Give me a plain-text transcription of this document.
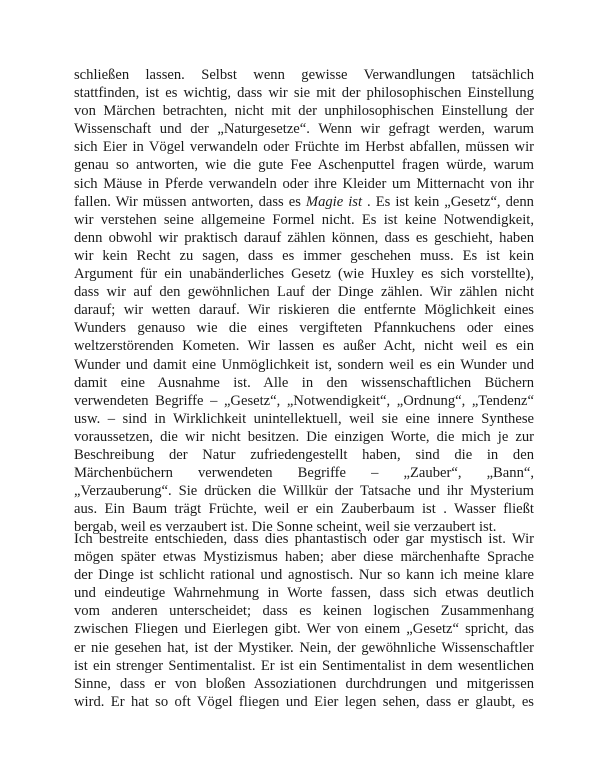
schließen lassen. Selbst wenn gewisse Verwandlungen tatsächlich
stattfinden, ist es wichtig, dass wir sie mit der philosophischen Einstellung
von Märchen betrachten, nicht mit der unphilosophischen Einstellung der
Wissenschaft und der „Naturgesetze“. Wenn wir gefragt werden, warum
sich Eier in Vögel verwandeln oder Früchte im Herbst abfallen, müssen wir
genau so antworten, wie die gute Fee Aschenputtel fragen würde, warum
sich Mäuse in Pferde verwandeln oder ihre Kleider um Mitternacht von ihr
fallen. Wir müssen antworten, dass es Magie ist . Es ist kein „Gesetz“, denn
wir verstehen seine allgemeine Formel nicht. Es ist keine Notwendigkeit,
denn obwohl wir praktisch darauf zählen können, dass es geschieht, haben
wir kein Recht zu sagen, dass es immer geschehen muss. Es ist kein
Argument für ein unabänderliches Gesetz (wie Huxley es sich vorstellte),
dass wir auf den gewöhnlichen Lauf der Dinge zählen. Wir zählen nicht
darauf; wir wetten darauf. Wir riskieren die entfernte Möglichkeit eines
Wunders genauso wie die eines vergifteten Pfannkuchens oder eines
weltzerstörenden Kometen. Wir lassen es außer Acht, nicht weil es ein
Wunder und damit eine Unmöglichkeit ist, sondern weil es ein Wunder und
damit eine Ausnahme ist. Alle in den wissenschaftlichen Büchern
verwendeten Begriffe – „Gesetz“, „Notwendigkeit“, „Ordnung“, „Tendenz“
usw. – sind in Wirklichkeit unintellektuell, weil sie eine innere Synthese
voraussetzen, die wir nicht besitzen. Die einzigen Worte, die mich je zur
Beschreibung der Natur zufriedengestellt haben, sind die in den
Märchenbüchern verwendeten Begriffe – „Zauber“, „Bann“,
„Verzauberung“. Sie drücken die Willkür der Tatsache und ihr Mysterium
aus. Ein Baum trägt Früchte, weil er ein Zauberbaum ist . Wasser fließt
bergab, weil es verzaubert ist. Die Sonne scheint, weil sie verzaubert ist.
Ich bestreite entschieden, dass dies phantastisch oder gar mystisch ist. Wir
mögen später etwas Mystizismus haben; aber diese märchenhafte Sprache
der Dinge ist schlicht rational und agnostisch. Nur so kann ich meine klare
und eindeutige Wahrnehmung in Worte fassen, dass sich etwas deutlich
vom anderen unterscheidet; dass es keinen logischen Zusammenhang
zwischen Fliegen und Eierlegen gibt. Wer von einem „Gesetz“ spricht, das
er nie gesehen hat, ist der Mystiker. Nein, der gewöhnliche Wissenschaftler
ist ein strenger Sentimentalist. Er ist ein Sentimentalist in dem wesentlichen
Sinne, dass er von bloßen Assoziationen durchdrungen und mitgerissen
wird. Er hat so oft Vögel fliegen und Eier legen sehen, dass er glaubt, es
